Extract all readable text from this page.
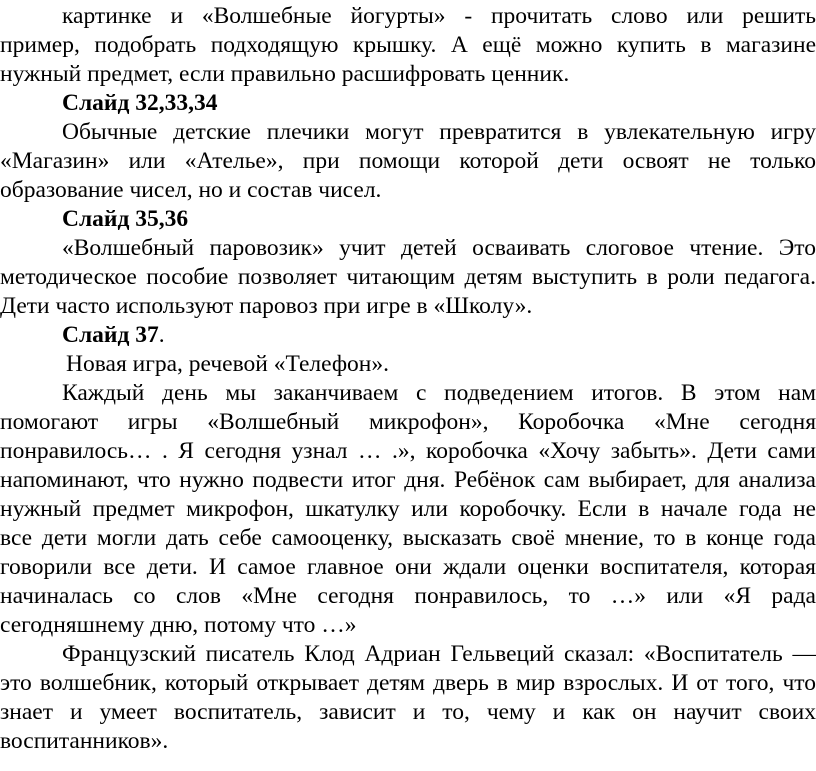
картинке и «Волшебные йогурты» - прочитать слово или решить
пример, подобрать подходящую крышку. А ещё можно купить в магазине
нужный предмет, если правильно расшифровать ценник.
Слайд 32,33,34
Обычные детские плечики могут превратится в увлекательную игру
«Магазин» или «Ателье», при помощи которой дети освоят не только
образование чисел, но и состав чисел.
Слайд 35,36
«Волшебный паровозик» учит детей осваивать слоговое чтение. Это
методическое пособие позволяет читающим детям выступить в роли педагога.
Дети часто используют паровоз при игре в «Школу».
Слайд 37.
Новая игра, речевой «Телефон».
Каждый день мы заканчиваем с подведением итогов. В этом нам
помогают игры «Волшебный микрофон», Коробочка «Мне сегодня
понравилось… . Я сегодня узнал … .», коробочка «Хочу забыть». Дети сами
напоминают, что нужно подвести итог дня. Ребёнок сам выбирает, для анализа
нужный предмет микрофон, шкатулку или коробочку. Если в начале года не
все дети могли дать себе самооценку, высказать своё мнение, то в конце года
говорили все дети. И самое главное они ждали оценки воспитателя, которая
начиналась со слов «Мне сегодня понравилось, то …» или «Я рада
сегодняшнему дню, потому что …»
Французский писатель Клод Адриан Гельвеций сказал: «Воспитатель —
это волшебник, который открывает детям дверь в мир взрослых. И от того, что
знает и умеет воспитатель, зависит и то, чему и как он научит своих
воспитанников».
